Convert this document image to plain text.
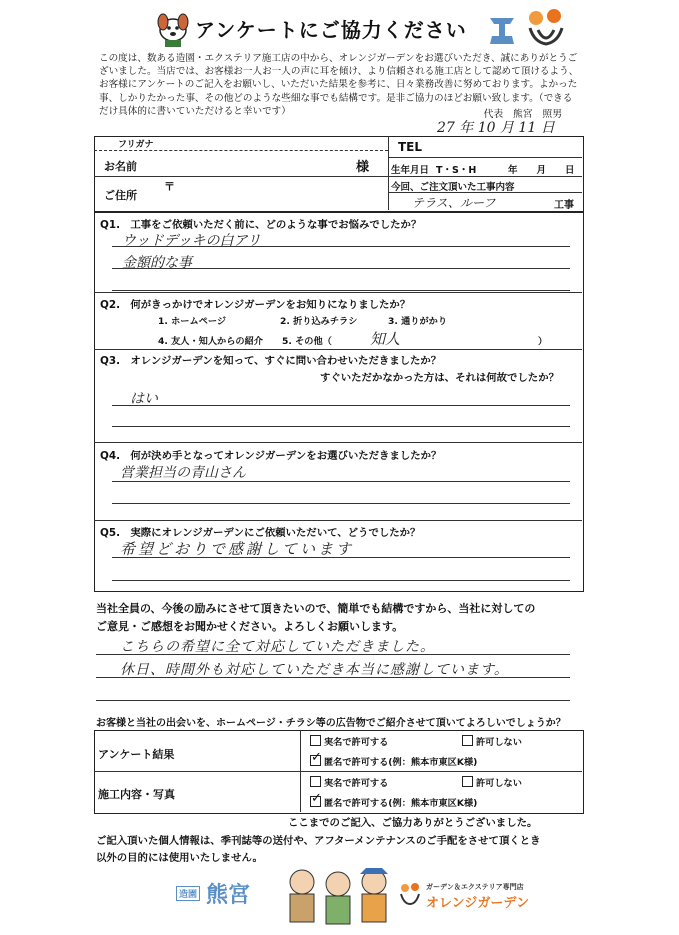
アンケートにご協力ください
この度は、数ある造園・エクステリア施工店の中から、オレンジガーデンをお選びいただき、誠にありがとうございました。当店では、お客様お一人お一人の声に耳を傾け、より信頼される施工店として認めて頂けるよう、お客様にアンケートのご記入をお願いし、いただいた結果を参考に、日々業務改善に努めております。よかった事、しかりたかった事、その他どのような些細な事でも結構です。是非ご協力のほどお願い致します。（できるだけ具体的に書いていただけると幸いです）	代表　熊宮　照男
27 年 10 月 11 日
フリガナ
お名前	様
ご住所
〒
TEL
生年月日 T・S・H	年　　月　　日
今回、ご注文頂いた工事内容
テラス、ルーフ	工事
Q1.　工事をご依頼いただく前に、どのような事でお悩みでしたか？
ウッドデッキの白アリ
金額的な事
Q2.　何がきっかけでオレンジガーデンをお知りになりましたか？
1. ホームページ	2. 折り込みチラシ	3. 通りがかり
4. 友人・知人からの紹介 5. その他（	知人	）
Q3.　オレンジガーデンを知って、すぐに問い合わせいただきましたか？
すぐいただかなかった方は、それは何故でしたか？
はい
Q4.　何が決め手となってオレンジガーデンをお選びいただきましたか？
営業担当の青山さん
Q5.　実際にオレンジガーデンにご依頼いただいて、どうでしたか？
希望どおりで感謝しています
当社全員の、今後の励みにさせて頂きたいので、簡単でも結構ですから、当社に対しての
ご意見・ご感想をお聞かせください。よろしくお願いします。
こちらの希望に全て対応していただきました。
休日、時間外も対応していただき本当に感謝しています。
お客様と当社の出会いを、ホームページ・チラシ等の広告物でご紹介させて頂いてよろしいでしょうか？
アンケート結果
実名で許可する	許可しない
✓匿名で許可する(例：熊本市東区K様)
施工内容・写真
実名で許可する	許可しない
✓匿名で許可する(例：熊本市東区K様)
ここまでのご記入、ご協力ありがとうございました。
ご記入頂いた個人情報は、季刊誌等の送付や、アフターメンテナンスのご手配をさせて頂くとき
以外の目的には使用いたしません。
造園 熊宮	ガーデン＆エクステリア専門店
オレンジガーデン
